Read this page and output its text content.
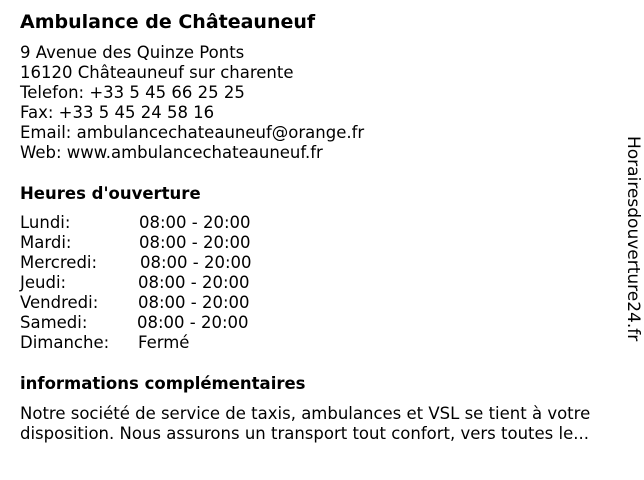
Ambulance de Châteauneuf
9 Avenue des Quinze Ponts
16120 Châteauneuf sur charente
Telefon: +33 5 45 66 25 25
Fax: +33 5 45 24 58 16
Email: ambulancechateauneuf@orange.fr
Web: www.ambulancechateauneuf.fr
Heures d'ouverture
Lundi:	08:00 - 20:00
Mardi:	08:00 - 20:00
Mercredi:	08:00 - 20:00
Jeudi:	08:00 - 20:00
Vendredi: 08:00 - 20:00
Samedi:	08:00 - 20:00
Dimanche: Fermé
informations complémentaires
Notre société de service de taxis, ambulances et VSL se tient à votre
disposition. Nous assurons un transport tout confort, vers toutes le...
Horairesdouverture24.fr
